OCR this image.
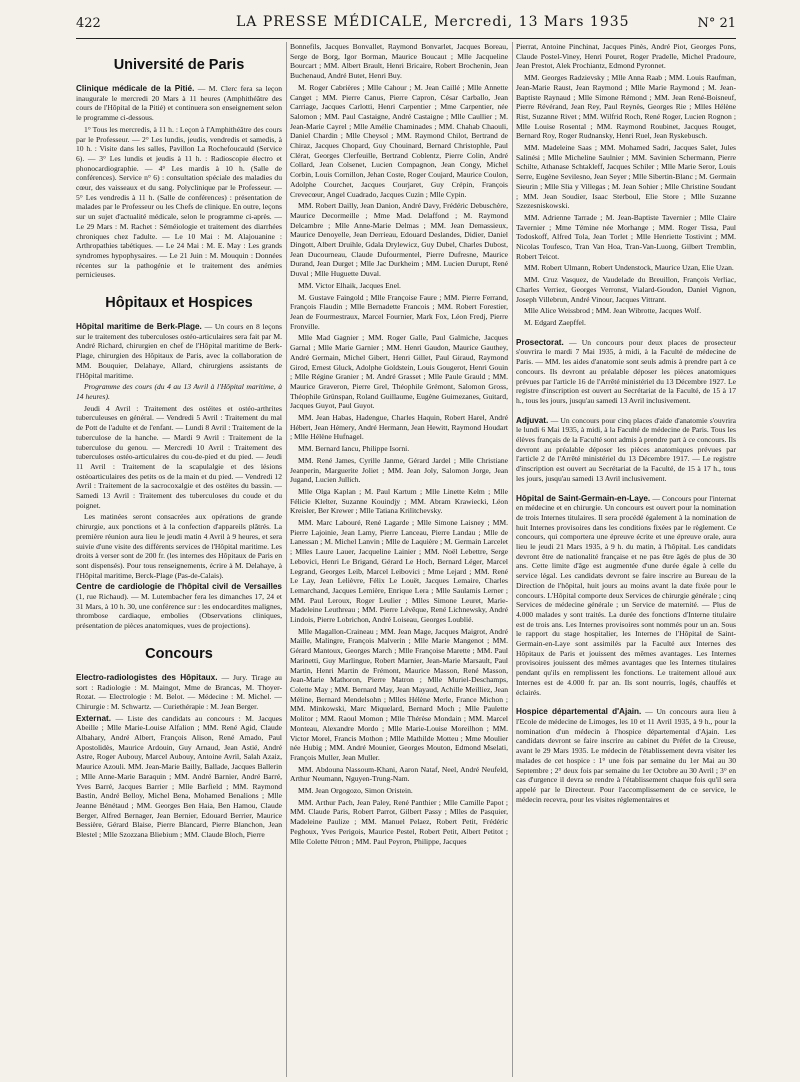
422	LA PRESSE MÉDICALE, Mercredi, 13 Mars 1935	N° 21
Université de Paris

Clinique médicale de la Pitié. — M. Clerc fera sa leçon inaugurale le mercredi 20 Mars à 11 heures (Amphithéâtre des cours de l'Hôpital de la Pitié) et continuera son enseignement selon le programme ci-dessous.

1° Tous les mercredis, à 11 h. : Leçon à l'Amphithéâtre des cours par le Professeur. — 2° Les lundis, jeudis, vendredis et samedis, à 10 h. : Visite dans les salles, Pavillon La Rochefoucauld (Service 6). — 3° Les lundis et jeudis à 11 h. : Radioscopie électro et phonocardiographie. — 4° Les mardis à 10 h. (Salle de conférences). Service n° 6) : consultation spéciale des maladies du cœur, des vaisseaux et du sang. Polyclinique par le Professeur. — 5° Les vendredis à 11 h. (Salle de conférences) : présentation de malades par le Professeur ou les Chefs de clinique. En outre, leçons sur un sujet d'actualité médicale, selon le programme ci-après. — Le 29 Mars : M. Rachet : Séméiologie et traitement des diarrhées chroniques chez l'adulte. — Le 10 Mai : M. Alajouanine : Arthropathies tabétiques. — Le 24 Mai : M. E. May : Les grands syndromes hypophysaires. — Le 21 Juin : M. Mouquin : Données récentes sur la pathogénie et le traitement des anémies pernicieuses.

Hôpitaux et Hospices

Hôpital maritime de Berk-Plage. — Un cours en 8 leçons sur le traitement des tuberculoses ostéo-articulaires sera fait par M. André Richard, chirurgien en chef de l'Hôpital maritime de Berk-Plage, chirurgien des Hôpitaux de Paris, avec la collaboration de MM. Bouquier, Delahaye, Allard, chirurgiens assistants de l'Hôpital maritime.

Programme des cours (du 4 au 13 Avril à l'Hôpital maritime, à 14 heures).

Jeudi 4 Avril : Traitement des ostéites et ostéo-arthrites tuberculeuses en général. — Vendredi 5 Avril : Traitement du mal de Pott de l'adulte et de l'enfant. — Lundi 8 Avril : Traitement de la tuberculose de la hanche. — Mardi 9 Avril : Traitement de la tuberculose du genou. — Mercredi 10 Avril : Traitement des tuberculoses ostéo-articulaires du cou-de-pied et du pied. — Jeudi 11 Avril : Traitement de la scapulalgie et des lésions ostéoarticulaires des petits os de la main et du pied. — Vendredi 12 Avril : Traitement de la sacrocoxalgie et des ostéites du bassin. — Samedi 13 Avril : Traitement des tuberculoses du coude et du poignet.

Les matinées seront consacrées aux opérations de grande chirurgie, aux ponctions et à la confection d'appareils plâtrés. La première réunion aura lieu le jeudi matin 4 Avril à 9 heures, et sera suivie d'une visite des différents services de l'Hôpital maritime. Les droits à verser sont de 200 fr. (les internes des Hôpitaux de Paris en sont dispensés). Pour tous renseignements, écrire à M. Delahaye, à l'Hôpital maritime, Berck-Plage (Pas-de-Calais).

Centre de cardiologie de l'hôpital civil de Versailles (1, rue Richaud). — M. Lutembacher fera les dimanches 17, 24 et 31 Mars, à 10 h. 30, une conférence sur : les endocardites malignes, thrombose cardiaque, embolies (Observations cliniques, présentation de pièces anatomiques, vues de projections).

Concours

Electro-radiologistes des Hôpitaux. — Jury. Tirage au sort : Radiologie : M. Maingot, Mme de Brancas, M. Thoyer-Rozat. — Electrologie : M. Belot. — Médecine : M. Michel. — Chirurgie : M. Schwartz. — Curiethérapie : M. Jean Berger.

Externat. — Liste des candidats au concours : M. Jacques Abeille ; Mlle Marie-Louise Alfalion ; MM. René Agid, Claude Albahary, André Albert, François Alison, René Amado, Paul Apostolidès, Maurice Ardouin, Guy Arnaud, Jean Astié, André Astre, Roger Aubouy, Marcel Aubouy, Antoine Avril, Salah Azaiz, Maurice Azouli. MM. Jean-Marie Bailly, Ballade, Jacques Ballerin ; Mlle Anne-Marie Baraquin ; MM. André Barnier, André Barré, Yves Barré, Jacques Barrier ; Mlle Barfield ; MM. Raymond Bastin, André Belloy, Michel Bena, Mohamed Benalions ; Mlle Jeanne Bénétaud ; MM. Georges Ben Haia, Ben Hamou, Claude Berger, Alfred Bernager, Jean Bernier, Edouard Berrier, Maurice Bessière, Gérard Blaise, Pierre Blancard, Pierre Blanchon, Jean Blestel ; Mlle Szozzana Bliebium ; MM. Claude Bloch, Pierre

Bonnefils, Jacques Bonvallet, Raymond Bonvarlet, Jacques Boreau, Serge de Borg, Igor Borman, Maurice Boucaut ; Mlle Jacqueline Bourcart ; MM. Albert Brault, Henri Bricaire, Robert Brochenin, Jean Buchenaud, André Butet, Henri Buy.

M. Roger Cabrières ; Mlle Cahour ; M. Jean Caillé ; Mlle Annette Canget ; MM. Pierre Canus, Pierre Capron, César Carballo, Jean Carriage, Jacques Carlotti, Henri Carpentier ; Mme Carpentier, née Salomon ; MM. Paul Castaigne, André Castaigne ; Mlle Caullier ; M. Jean-Marie Cayrel ; Mlle Amélie Chaminades ; MM. Chahab Chaouli, Daniel Chardin ; Mlle Cheysol ; MM. Raymond Chilot, Bertrand de Chiraz, Jacques Chopard, Guy Chouinard, Bernard Christophle, Paul Clérat, Georges Clerfeuille, Bertrand Coblentz, Pierre Colin, André Collard, Jean Colsenet, Lucien Compagnon, Jean Congy, Michel Corbin, Louis Cornillon, Jehan Coste, Roger Coujard, Maurice Coulon, Adolphe Courchet, Jacques Courjaret, Guy Crépin, François Crevecœur, Angel Cuadrado, Jacques Cuzin ; Mlle Cypin.

MM. Robert Dailly, Jean Danion, André Davy, Frédéric Debuschère, Maurice Decormeille ; Mme Mad. Delaffond ; M. Raymond Delcambre ; Mlle Anne-Marie Delmas ; MM. Jean Demassieux, Maurice Denoyelle, Jean Derrieau, Edouard Deslandes, Didier, Daniel Dingott, Albert Druihle, Gdala Drylewicz, Guy Dubel, Charles Dubost, Jean Ducourneau, Claude Dufourmentel, Pierre Dufresne, Maurice Durand, Jean Durget ; Mlle Jac Durkheim ; MM. Lucien Durupt, René Duval ; Mlle Huguette Duval.

MM. Victor Elhaik, Jacques Enel.

M. Gustave Faingold ; Mlle Françoise Faure ; MM. Pierre Ferrand, François Flaudin ; Mlle Bernadette Francois ; MM. Robert Forestier, Jean de Fourmestraux, Marcel Fournier, Mark Fox, Léon Fredj, Pierre Fronville.

Mlle Mad Gagnier ; MM. Roger Galle, Paul Galmiche, Jacques Garnal ; Mlle Marie Garnier ; MM. Henri Gaudon, Maurice Gauthey, André Germain, Michel Gibert, Henri Gillet, Paul Giraud, Raymond Girod, Ernest Gluck, Adolphe Goldstein, Louis Gougerot, Henri Gouin ; Mlle Régine Granier ; M. André Grasset ; Mlle Paule Grauld ; MM. Maurice Graveron, Pierre Grel, Théophile Grémont, Salomon Gross, Théophile Grünspan, Roland Guillaume, Eugène Guimezanes, Guitard, Jacques Guyot, Paul Guyot.

MM. Jean Habas, Hadengue, Charles Haquin, Robert Harel, André Hébert, Jean Hémery, André Hermann, Jean Hewitt, Raymond Houdart ; Mlle Hélène Hufnagel.

MM. Bernard Iancu, Philippe Isorni.

MM. René James, Cyrille Janme, Gérard Jardel ; Mlle Christiane Jeanperin, Marguerite Joliet ; MM. Jean Joly, Salomon Jorge, Jean Jugand, Lucien Jullich.

Mlle Olga Kaplan ; M. Paul Kartum ; Mlle Linette Kelm ; Mlle Félicie Klelter, Suzanne Kouindjy ; MM. Abram Krawiecki, Léon Kreisler, Ber Krewer ; Mlle Tatiana Krilitchevsky.

MM. Marc Labouré, René Lagarde ; Mlle Simone Laisney ; MM. Pierre Lajoinie, Jean Lamy, Pierre Lanceau, Pierre Landau ; Mlle de Lanessan ; M. Michel Lanvin ; Mlle de Laquière ; M. Germain Larcelet ; Mlles Laure Lauer, Jacqueline Lainier ; MM. Noël Lebettre, Serge Lebovici, Henri Le Brigand, Gérard Le Hoch, Bernard Léger, Marcel Legrand, Georges Leib, Marcel Leibovici ; Mme Lejard ; MM. René Le Lay, Jean Lelièvre, Félix Le Louët, Jacques Lemaire, Charles Lemarchand, Jacques Lemière, Enrique Lera ; Mlle Saulamis Lerner ; MM. Paul Leroux, Roger Leulier ; Mlles Simone Leuret, Marie-Madeleine Leuthreau ; MM. Pierre Lévêque, René Lichnewsky, André Lindois, Pierre Lobrichon, André Loiseau, Georges Loublié.

Mlle Magallon-Craineau ; MM. Jean Mage, Jacques Maigrot, André Maille, Malingre, François Malverin ; Mlle Marie Mangenot ; MM. Gérard Mantoux, Georges March ; Mlle Françoise Marette ; MM. Paul Marinetti, Guy Marlingue, Robert Marnier, Jean-Marie Marsault, Paul Martin, Henri Martin de Frémont, Maurice Masson, René Masson, Jean-Marie Mathoron, Pierre Matron ; Mlle Muriel-Deschamps, Colette May ; MM. Bernard May, Jean Mayaud, Achille Meilliez, Jean Méline, Bernard Mendelsohn ; Mlles Hélène Merle, France Michon ; MM. Minkowski, Marc Miquelard, Bernard Moch ; Mlle Paulette Molitor ; MM. Raoul Momon ; Mlle Thérèse Mondain ; MM. Marcel Monteau, Alexandre Mordo ; Mlle Marie-Louise Moreilhon ; MM. Victor Morel, Francis Mothon ; Mlle Mathilde Motteu ; Mme Moulier née Hubig ; MM. André Mounier, Georges Mouton, Edmond Mselati, François Muller, Jean Muller.

MM. Abdouna Nassoum-Khani, Aaron Nataf, Neel, André Neufeld, Arthur Neumann, Nguyen-Trung-Nam.

MM. Jean Orgogozo, Simon Oristein.

MM. Arthur Pach, Jean Paley, René Panthier ; Mlle Camille Papot ; MM. Claude Paris, Robert Parrot, Gilbert Passy ; Mlles de Pasquier, Madeleine Paulize ; MM. Manuel Pelaez, Robert Petit, Frédéric Peghoux, Yves Perigois, Maurice Pestel, Robert Petit, Albert Petitot ; Mlle Colette Pétron ; MM. Paul Peyron, Philippe, Jacques

Pierrat, Antoine Pinchinat, Jacques Pinès, André Piot, Georges Pons, Claude Postel-Viney, Henri Pouret, Roger Pradelle, Michel Pradoure, Jean Prestot, Alek Prochiantz, Edmond Pyronnet.

MM. Georges Radzievsky ; Mlle Anna Raab ; MM. Louis Raufman, Jean-Marie Raust, Jean Raymond ; Mlle Marie Raymond ; M. Jean-Baptiste Raynaud ; Mlle Simone Rémond ; MM. Jean René-Boisneuf, Pierre Révérand, Jean Rey, Paul Reynès, Georges Rie ; Mlles Hélène Rist, Suzanne Rivet ; MM. Wilfrid Roch, René Roger, Lucien Rognon ; Mlle Louise Rosental ; MM. Raymond Roubinet, Jacques Rouget, Bernard Roy, Roger Rudnansky, Henri Ruel, Jean Ryskebusch.

MM. Madeleine Saas ; MM. Mohamed Sadri, Jacques Salet, Jules Salinési ; Mlle Micheline Saulnier ; MM. Savinien Schermann, Pierre Schilte, Athanase Schtakleff, Jacques Schiler ; Mlle Marie Seror, Louis Serre, Eugène Sevilesno, Jean Seyer ; Mlle Sibertin-Blanc ; M. Germain Sieurin ; Mlle Slia y Villegas ; M. Jean Sohier ; Mlle Christine Soudant ; MM. Jean Soudier, Isaac Sterboul, Elie Store ; Mlle Suzanne Szezesniskowski.

MM. Adrienne Tarrade ; M. Jean-Baptiste Tavernier ; Mlle Claire Tavernier ; Mme Témine née Morhange ; MM. Roger Tissa, Paul Todoskoff, Alfred Tola, Jean Torlet ; Mlle Henriette Tostivint ; MM. Nicolas Toufesco, Tran Van Hoa, Tran-Van-Luong, Gilbert Tremblin, Robert Teicot.

MM. Robert Ulmann, Robert Undenstock, Maurice Uzan, Elie Uzan.

MM. Cruz Vasquez, de Vaudelade du Breuillon, François Verliac, Charles Verriez, Georges Verronst, Vialard-Goudon, Daniel Vignon, Joseph Villebrun, André Vinour, Jacques Vittrant.

Mlle Alice Weissbrod ; MM. Jean Wibrotte, Jacques Wolf.

M. Edgard Zaepffel.

Prosectorat. — Un concours pour deux places de prosecteur s'ouvrira le mardi 7 Mai 1935, à midi, à la Faculté de médecine de Paris. — MM. les aides d'anatomie sont seuls admis à prendre part à ce concours. Ils devront au préalable déposer les pièces anatomiques prévues par l'article 16 de l'Arrêté ministériel du 13 Décembre 1927. Le registre d'inscription est ouvert au Secrétariat de la Faculté, de 15 à 17 h., tous les jours, jusqu'au samedi 13 Avril inclusivement.

Adjuvat. — Un concours pour cinq places d'aide d'anatomie s'ouvrira le lundi 6 Mai 1935, à midi, à la Faculté de médecine de Paris. Tous les élèves français de la Faculté sont admis à prendre part à ce concours. Ils devront au préalable déposer les pièces anatomiques prévues par l'article 2 de l'Arrêté ministériel du 13 Décembre 1917. — Le registre d'inscription est ouvert au Secrétariat de la Faculté, de 15 à 17 h., tous les jours, jusqu'au samedi 13 Avril inclusivement.

Hôpital de Saint-Germain-en-Laye. — Concours pour l'internat en médecine et en chirurgie. Un concours est ouvert pour la nomination de trois Internes titulaires. Il sera procédé également à la nomination de huit Internes provisoires dans les conditions fixées par le règlement. Ce concours, qui comportera une épreuve écrite et une épreuve orale, aura lieu le jeudi 21 Mars 1935, à 9 h. du matin, à l'hôpital. Les candidats devront être de nationalité française et ne pas être âgés de plus de 30 ans. Cette limite d'âge est augmentée d'une durée égale à celle du service légal. Les candidats devront se faire inscrire au Bureau de la Direction de l'hôpital, huit jours au moins avant la date fixée pour le concours. L'Hôpital comporte deux Services de chirurgie générale ; cinq Services de médecine générale ; un Service de maternité. — Plus de 4.000 malades y sont traités. La durée des fonctions d'Interne titulaire est de trois ans. Les Internes provisoires sont nommés pour un an. Sous le rapport du stage hospitalier, les Internes de l'Hôpital de Saint-Germain-en-Laye sont assimilés par la Faculté aux Internes des Hôpitaux de Paris et jouissent des mêmes avantages. Les Internes provisoires jouissent des mêmes avantages que les Internes titulaires pendant qu'ils en remplissent les fonctions. Le traitement alloué aux Internes est de 4.000 fr. par an. Ils sont nourris, logés, chauffés et éclairés.

Hospice départemental d'Ajain. — Un concours aura lieu à l'Ecole de médecine de Limoges, les 10 et 11 Avril 1935, à 9 h., pour la nomination d'un médecin à l'hospice départemental d'Ajain. Les candidats devront se faire inscrire au cabinet du Préfet de la Creuse, avant le 29 Mars 1935. Le médecin de l'établissement devra visiter les malades de cet hospice : 1° une fois par semaine du 1er Mai au 30 Septembre ; 2° deux fois par semaine du 1er Octobre au 30 Avril ; 3° en cas d'urgence il devra se rendre à l'établissement chaque fois qu'il sera appelé par le Directeur. Pour l'accomplissement de ce service, le médecin recevra, pour les visites réglementaires et
